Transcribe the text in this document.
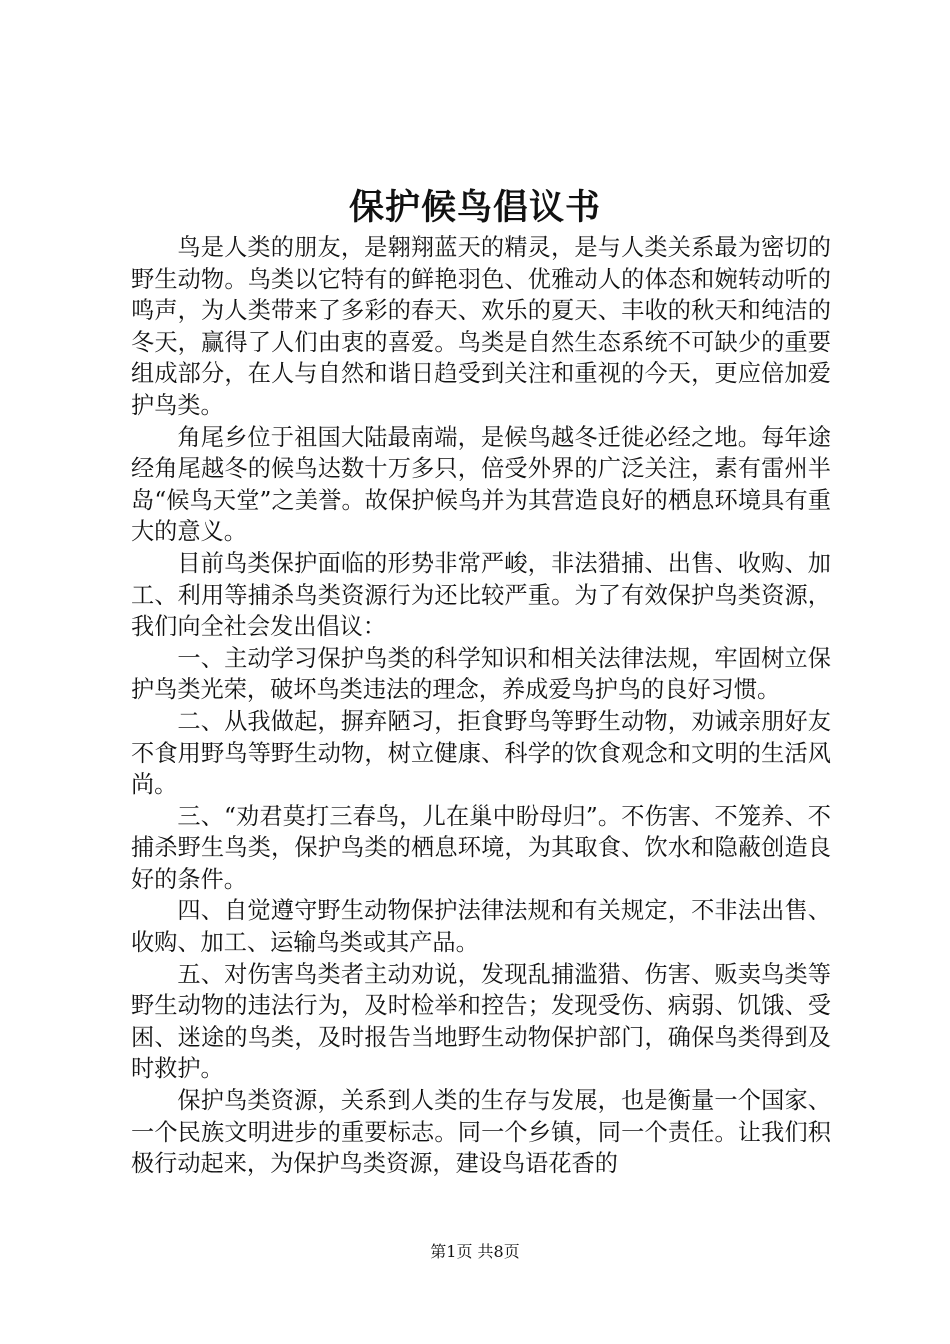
保护候鸟倡议书

鸟是人类的朋友，是翱翔蓝天的精灵，是与人类关系最为密切的野生动物。鸟类以它特有的鲜艳羽色、优雅动人的体态和婉转动听的鸣声，为人类带来了多彩的春天、欢乐的夏天、丰收的秋天和纯洁的冬天，赢得了人们由衷的喜爱。鸟类是自然生态系统不可缺少的重要组成部分，在人与自然和谐日趋受到关注和重视的今天，更应倍加爱护鸟类。

角尾乡位于祖国大陆最南端，是候鸟越冬迁徙必经之地。每年途经角尾越冬的候鸟达数十万多只，倍受外界的广泛关注，素有雷州半岛“候鸟天堂”之美誉。故保护候鸟并为其营造良好的栖息环境具有重大的意义。

目前鸟类保护面临的形势非常严峻，非法猎捕、出售、收购、加工、利用等捕杀鸟类资源行为还比较严重。为了有效保护鸟类资源，我们向全社会发出倡议：

一、主动学习保护鸟类的科学知识和相关法律法规，牢固树立保护鸟类光荣，破坏鸟类违法的理念，养成爱鸟护鸟的良好习惯。

二、从我做起，摒弃陋习，拒食野鸟等野生动物，劝诫亲朋好友不食用野鸟等野生动物，树立健康、科学的饮食观念和文明的生活风尚。

三、“劝君莫打三春鸟，儿在巢中盼母归”。不伤害、不笼养、不捕杀野生鸟类，保护鸟类的栖息环境，为其取食、饮水和隐蔽创造良好的条件。

四、自觉遵守野生动物保护法律法规和有关规定，不非法出售、收购、加工、运输鸟类或其产品。

五、对伤害鸟类者主动劝说，发现乱捕滥猎、伤害、贩卖鸟类等野生动物的违法行为，及时检举和控告；发现受伤、病弱、饥饿、受困、迷途的鸟类，及时报告当地野生动物保护部门，确保鸟类得到及时救护。

保护鸟类资源，关系到人类的生存与发展，也是衡量一个国家、一个民族文明进步的重要标志。同一个乡镇，同一个责任。让我们积极行动起来，为保护鸟类资源，建设鸟语花香的

第1页 共8页
